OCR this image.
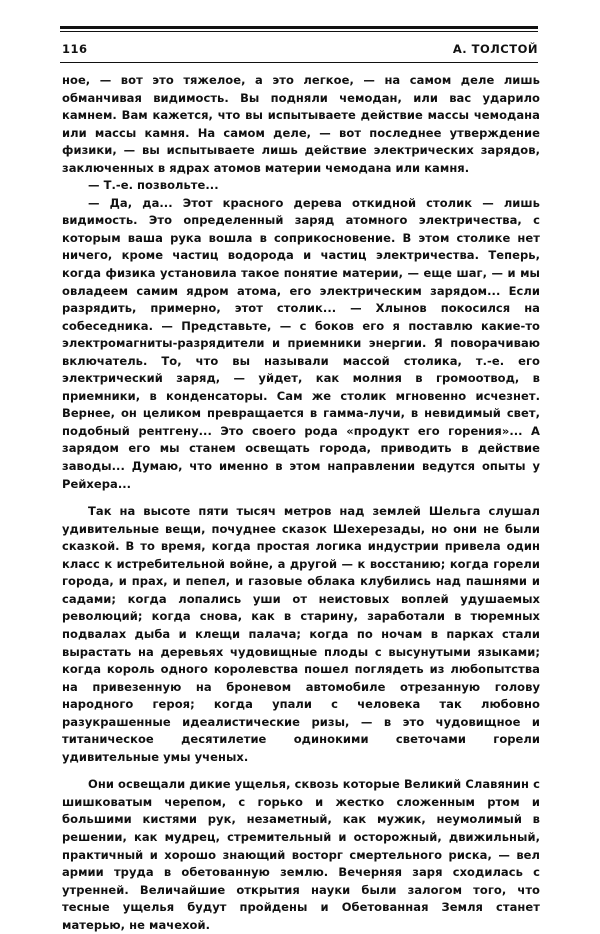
116	А. ТОЛСТОЙ

ное, — вот это тяжелое, а это легкое, — на самом деле лишь обманчивая видимость. Вы подняли чемодан, или вас ударило камнем. Вам кажется, что вы испытываете действие массы чемодана или массы камня. На самом деле, — вот последнее утверждение физики, — вы испытываете лишь действие электрических зарядов, заключенных в ядрах атомов материи чемодана или камня.

— Т.-е. позвольте...

— Да, да... Этот красного дерева откидной столик — лишь видимость. Это определенный заряд атомного электричества, с которым ваша рука вошла в соприкосновение. В этом столике нет ничего, кроме частиц водорода и частиц электричества. Теперь, когда физика установила такое понятие материи, — еще шаг, — и мы овладеем самим ядром атома, его электрическим зарядом... Если разрядить, примерно, этот столик... — Хлынов покосился на собеседника. — Представьте, — с боков его я поставлю какие-то электромагниты-разрядители и приемники энергии. Я поворачиваю включатель. То, что вы называли массой столика, т.-е. его электрический заряд, — уйдет, как молния в громоотвод, в приемники, в конденсаторы. Сам же столик мгновенно исчезнет. Вернее, он целиком превращается в гамма-лучи, в невидимый свет, подобный рентгену... Это своего рода «продукт его горения»... А зарядом его мы станем освещать города, приводить в действие заводы... Думаю, что именно в этом направлении ведутся опыты у Рейхера...

Так на высоте пяти тысяч метров над землей Шельга слушал удивительные вещи, почуднее сказок Шехерезады, но они не были сказкой. В то время, когда простая логика индустрии привела один класс к истребительной войне, а другой — к восстанию; когда горели города, и прах, и пепел, и газовые облака клубились над пашнями и садами; когда лопались уши от неистовых воплей удушаемых революций; когда снова, как в старину, заработали в тюремных подвалах дыба и клещи палача; когда по ночам в парках стали вырастать на деревьях чудовищные плоды с высунутыми языками; когда король одного королевства пошел поглядеть из любопытства на привезенную на броневом автомобиле отрезанную голову народного героя; когда упали с человека так любовно разукрашенные идеалистические ризы, — в это чудовищное и титаническое десятилетие одинокими светочами горели удивительные умы ученых.

Они освещали дикие ущелья, сквозь которые Великий Славянин с шишковатым черепом, с горько и жестко сложенным ртом и большими кистями рук, незаметный, как мужик, неумолимый в решении, как мудрец, стремительный и осторожный, движильный, практичный и хорошо знающий восторг смертельного риска, — вел армии труда в обетованную землю. Вечерняя заря сходилась с утренней. Величайшие открытия науки были залогом того, что тесные ущелья будут пройдены и Обетованная Земля станет матерью, не мачехой.
